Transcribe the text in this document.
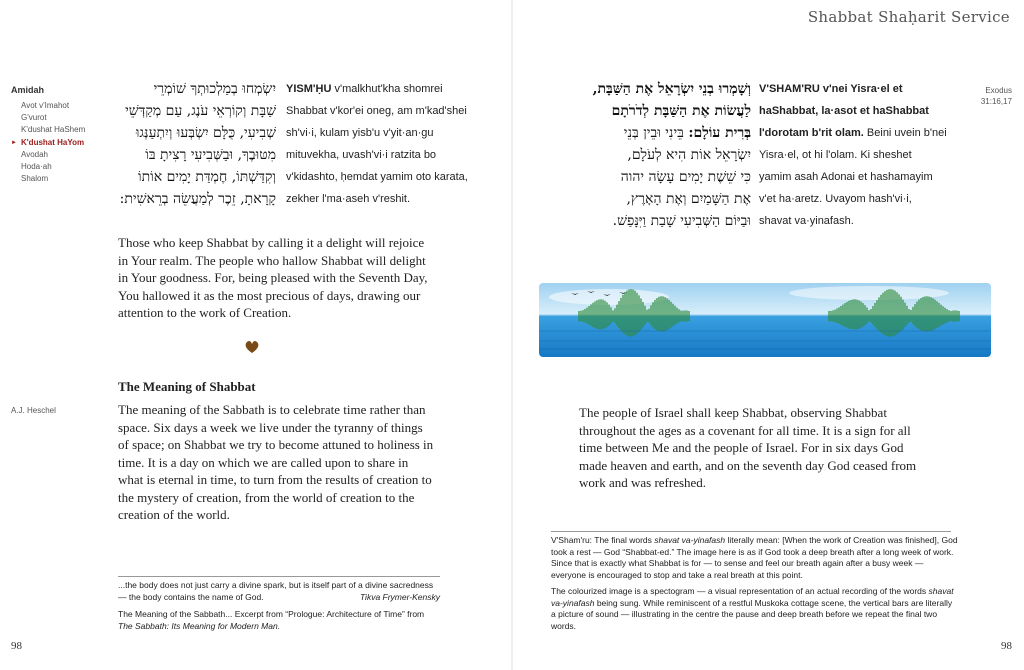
Amidah
Avot v'Imahot
G'vurot
K'dushat HaShem
► K'dushat HaYom
Avodah
Hoda·ah
Shalom
יִשְׂמְחוּ בְמַלְכוּתְךָ שׁוֹמְרֵי
שַׁבָּת וְקוֹרְאֵי עֹנֶג, עַם מְקַדְּשֵׁי
שְׁבִיעִי, כֻּלָּם יִשְׂבְּעוּ וְיִתְעַנְּגוּ
מִטּוּבֶךָ, וּבַשְּׁבִיעִי רָצִיתָ בּוֹ
וְקִדַּשְׁתּוֹ, חֶמְדַּת יָמִים אוֹתוֹ
קָרָאתָ, זֵכֶר לְמַעֲשֵׂה בְרֵאשִׁית:
YISM'ḤU v'malkhut'kha shomrei
Shabbat v'kor'ei oneg, am m'kad'shei
sh'vi·i, kulam yisb'u v'yit·an·gu
mituvekha, uvash'vi·i ratzita bo
v'kidashto, ḥemdat yamim oto karata,
zekher l'ma·aseh v'reshit.
Those who keep Shabbat by calling it a delight will rejoice in Your realm. The people who hallow Shabbat will delight in Your goodness. For, being pleased with the Seventh Day, You hallowed it as the most precious of days, drawing our attention to the work of Creation.
The Meaning of Shabbat
A.J. Heschel	The meaning of the Sabbath is to celebrate time rather than space. Six days a week we live under the tyranny of things of space; on Shabbat we try to become attuned to holiness in time. It is a day on which we are called upon to share in what is eternal in time, to turn from the results of creation to the mystery of creation, from the world of creation to the creation of the world.
...the body does not just carry a divine spark, but is itself part of a divine sacredness — the body contains the name of God.	Tikva Frymer-Kensky
The Meaning of the Sabbath... Excerpt from “Prologue: Architecture of Time” from The Sabbath: Its Meaning for Modern Man.
98
Shabbat Shaḥarit Service
Exodus
31:16,17
וְשָׁמְרוּ בְנֵי יִשְׂרָאֵל אֶת הַשַּׁבָּת,
לַעֲשׂוֹת אֶת הַשַּׁבָּת לְדֹרֹתָם
בְּרִית עוֹלָם: בֵּינִי וּבֵין בְּנֵי
יִשְׂרָאֵל אוֹת הִיא לְעֹלָם,
כִּי שֵׁשֶׁת יָמִים עָשָׂה יהוה
אֶת הַשָּׁמַיִם וְאֶת הָאָרֶץ,
וּבַיּוֹם הַשְּׁבִיעִי שָׁבַת וַיִּנָּפַשׁ.
V'SHAM'RU v'nei Yisra·el et
haShabbat, la·asot et haShabbat
l'dorotam b'rit olam. Beini uvein b'nei
Yisra·el, ot hi l'olam. Ki sheshet
yamim asah Adonai et hashamayim
v'et ha·aretz. Uvayom hash'vi·i,
shavat va·yinafash.
The people of Israel shall keep Shabbat, observing Shabbat throughout the ages as a covenant for all time. It is a sign for all time between Me and the people of Israel. For in six days God made heaven and earth, and on the seventh day God ceased from work and was refreshed.
V'Sham'ru: The final words shavat va-yinafash literally mean: [When the work of Creation was finished], God took a rest — God “Shabbat-ed.” The image here is as if God took a deep breath after a long week of work. Since that is exactly what Shabbat is for — to sense and feel our breath again after a busy week — everyone is encouraged to stop and take a real breath at this point.
The colourized image is a spectogram — a visual representation of an actual recording of the words shavat va-yinafash being sung. While reminiscent of a restful Muskoka cottage scene, the vertical bars are literally a picture of sound — illustrating in the centre the pause and deep breath before we repeat the final two words.
98
